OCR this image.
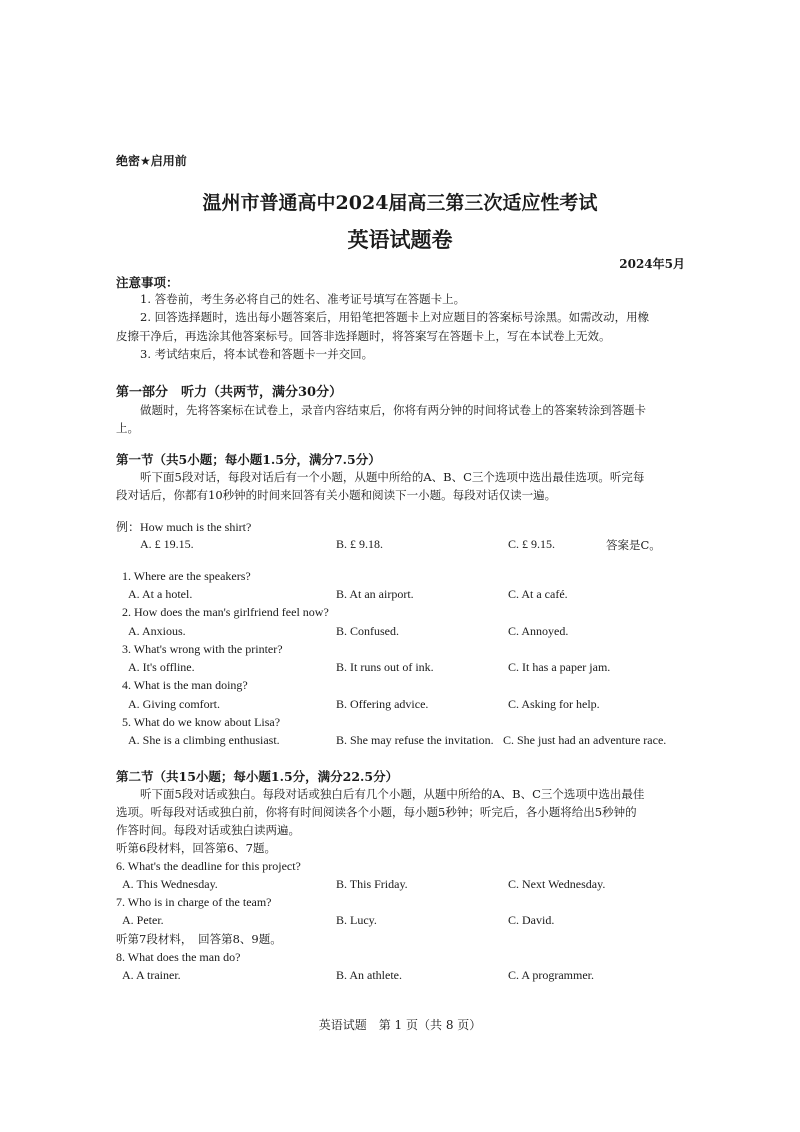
绝密★启用前
温州市普通高中2024届高三第三次适应性考试
英语试题卷
2024年5月
注意事项：
1. 答卷前，考生务必将自己的姓名、准考证号填写在答题卡上。
2. 回答选择题时，选出每小题答案后，用铅笔把答题卡上对应题目的答案标号涂黑。如需改动，用橡
皮擦干净后，再选涂其他答案标号。回答非选择题时，将答案写在答题卡上，写在本试卷上无效。
3. 考试结束后，将本试卷和答题卡一并交回。
第一部分　听力（共两节，满分30分）
做题时，先将答案标在试卷上，录音内容结束后，你将有两分钟的时间将试卷上的答案转涂到答题卡
上。
第一节（共5小题；每小题1.5分，满分7.5分）
听下面5段对话，每段对话后有一个小题，从题中所给的A、B、C三个选项中选出最佳选项。听完每
段对话后，你都有10秒钟的时间来回答有关小题和阅读下一小题。每段对话仅读一遍。
例：How much is the shirt?
A. £ 19.15.	B. £ 9.18.	C. £ 9.15.	答案是C。
1. Where are the speakers?
A. At a hotel.	B. At an airport.	C. At a café.
2. How does the man's girlfriend feel now?
A. Anxious.	B. Confused.	C. Annoyed.
3. What's wrong with the printer?
A. It's offline.	B. It runs out of ink.	C. It has a paper jam.
4. What is the man doing?
A. Giving comfort.	B. Offering advice.	C. Asking for help.
5. What do we know about Lisa?
A. She is a climbing enthusiast.	B. She may refuse the invitation. C. She just had an adventure race.
第二节（共15小题；每小题1.5分，满分22.5分）
听下面5段对话或独白。每段对话或独白后有几个小题，从题中所给的A、B、C三个选项中选出最佳
选项。听每段对话或独白前，你将有时间阅读各个小题，每小题5秒钟；听完后，各小题将给出5秒钟的
作答时间。每段对话或独白读两遍。
听第6段材料，回答第6、7题。
6. What's the deadline for this project?
A. This Wednesday.	B. This Friday.	C. Next Wednesday.
7. Who is in charge of the team?
A. Peter.	B. Lucy.	C. David.
听第7段材料，　回答第8、9题。
8. What does the man do?
A. A trainer.	B. An athlete.	C. A programmer.
英语试题　第 1 页（共 8 页）
